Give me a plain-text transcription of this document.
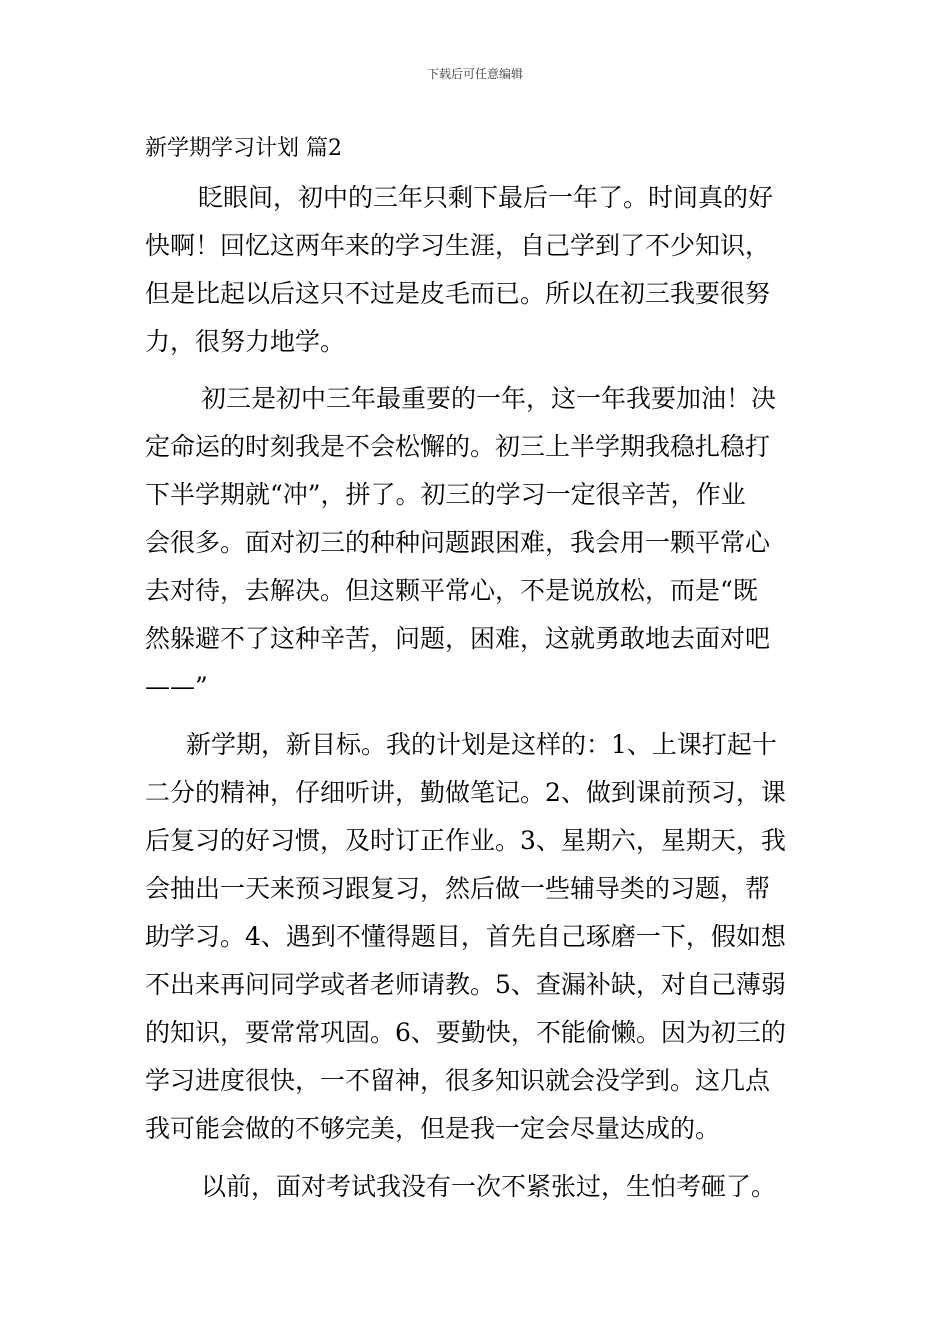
下载后可任意编辑
新学期学习计划 篇2
眨眼间，初中的三年只剩下最后一年了。时间真的好
快啊！回忆这两年来的学习生涯，自己学到了不少知识，
但是比起以后这只不过是皮毛而已。所以在初三我要很努
力，很努力地学。
初三是初中三年最重要的一年，这一年我要加油！决
定命运的时刻我是不会松懈的。初三上半学期我稳扎稳打
下半学期就“冲”，拼了。初三的学习一定很辛苦，作业
会很多。面对初三的种种问题跟困难，我会用一颗平常心
去对待，去解决。但这颗平常心，不是说放松，而是“既
然躲避不了这种辛苦，问题，困难，这就勇敢地去面对吧
——”
新学期，新目标。我的计划是这样的：1、上课打起十
二分的精神，仔细听讲，勤做笔记。2、做到课前预习，课
后复习的好习惯，及时订正作业。3、星期六，星期天，我
会抽出一天来预习跟复习，然后做一些辅导类的习题，帮
助学习。4、遇到不懂得题目，首先自己琢磨一下，假如想
不出来再问同学或者老师请教。5、查漏补缺，对自己薄弱
的知识，要常常巩固。6、要勤快，不能偷懒。因为初三的
学习进度很快，一不留神，很多知识就会没学到。这几点
我可能会做的不够完美，但是我一定会尽量达成的。
以前，面对考试我没有一次不紧张过，生怕考砸了。
